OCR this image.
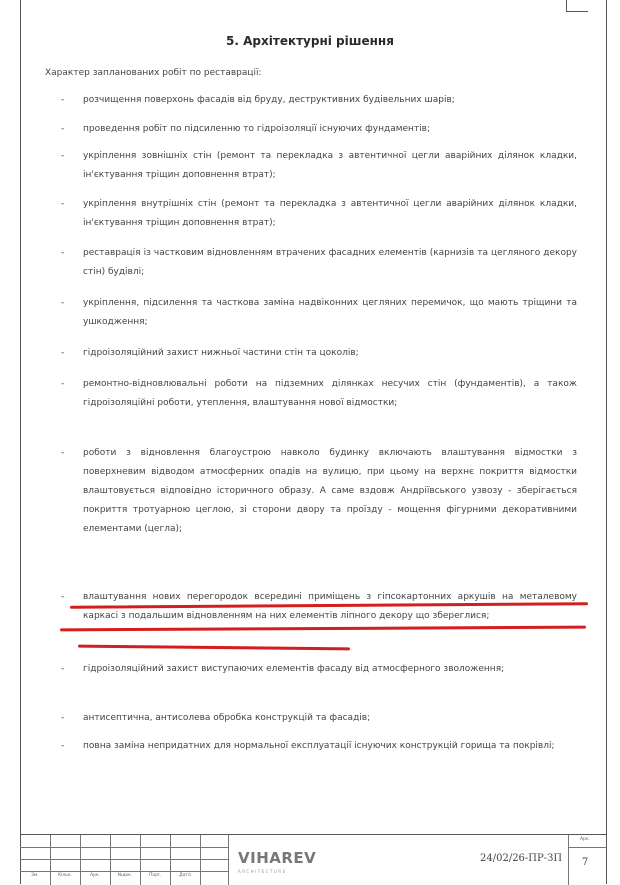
5. Архітектурні рішення
Характер запланованих робіт по реставрації:
- розчищення поверхонь фасадів від бруду, деструктивних будівельних шарів;
- проведення робіт по підсиленню то гідроізоляції існуючих фундаментів;
- укріплення зовнішніх стін (ремонт та перекладка з автентичної цегли аварійних ділянок кладки, ін'єктування тріщин доповнення втрат);
- укріплення внутрішніх стін (ремонт та перекладка з автентичної цегли аварійних ділянок кладки, ін'єктування тріщин доповнення втрат);
- реставрація із частковим відновленням втрачених фасадних елементів (карнизів та цегляного декору стін) будівлі;
- укріплення, підсилення та часткова заміна надвіконних цегляних перемичок, що мають тріщини та ушкодження;
- гідроізоляційний захист нижньої частини стін та цоколів;
- ремонтно-відновлювальні роботи на підземних ділянках несучих стін (фундаментів), а також гідроізоляційні роботи, утеплення, влаштування нової відмостки;
- роботи з відновлення благоустрою навколо будинку включають влаштування відмостки з поверхневим відводом атмосферних опадів на вулицю, при цьому на верхнє покриття відмостки влаштовується відповідно історичного образу. А саме вздовж Андріївського узвозу - зберігається покриття тротуарною цеглою, зі сторони двору та проїзду - мощення фігурними декоративними елементами (цегла);
- влаштування нових перегородок всередині приміщень з гіпсокартонних аркушів на металевому каркасі з подальшим відновленням на них елементів ліпного декору що збереглися;
- гідроізоляційний захист виступаючих елементів фасаду від атмосферного зволоження;
- антисептична, антисолева обробка конструкцій та фасадів;
- повна заміна непридатних для нормальної експлуатації існуючих конструкцій горища та покрівлі;
Зм.	Кільк.	Арк.	№док.	Підп.	Дата
VIHAREV
ARCHITECTURE
24/02/26-ПР-ЗП
Арк.
7
